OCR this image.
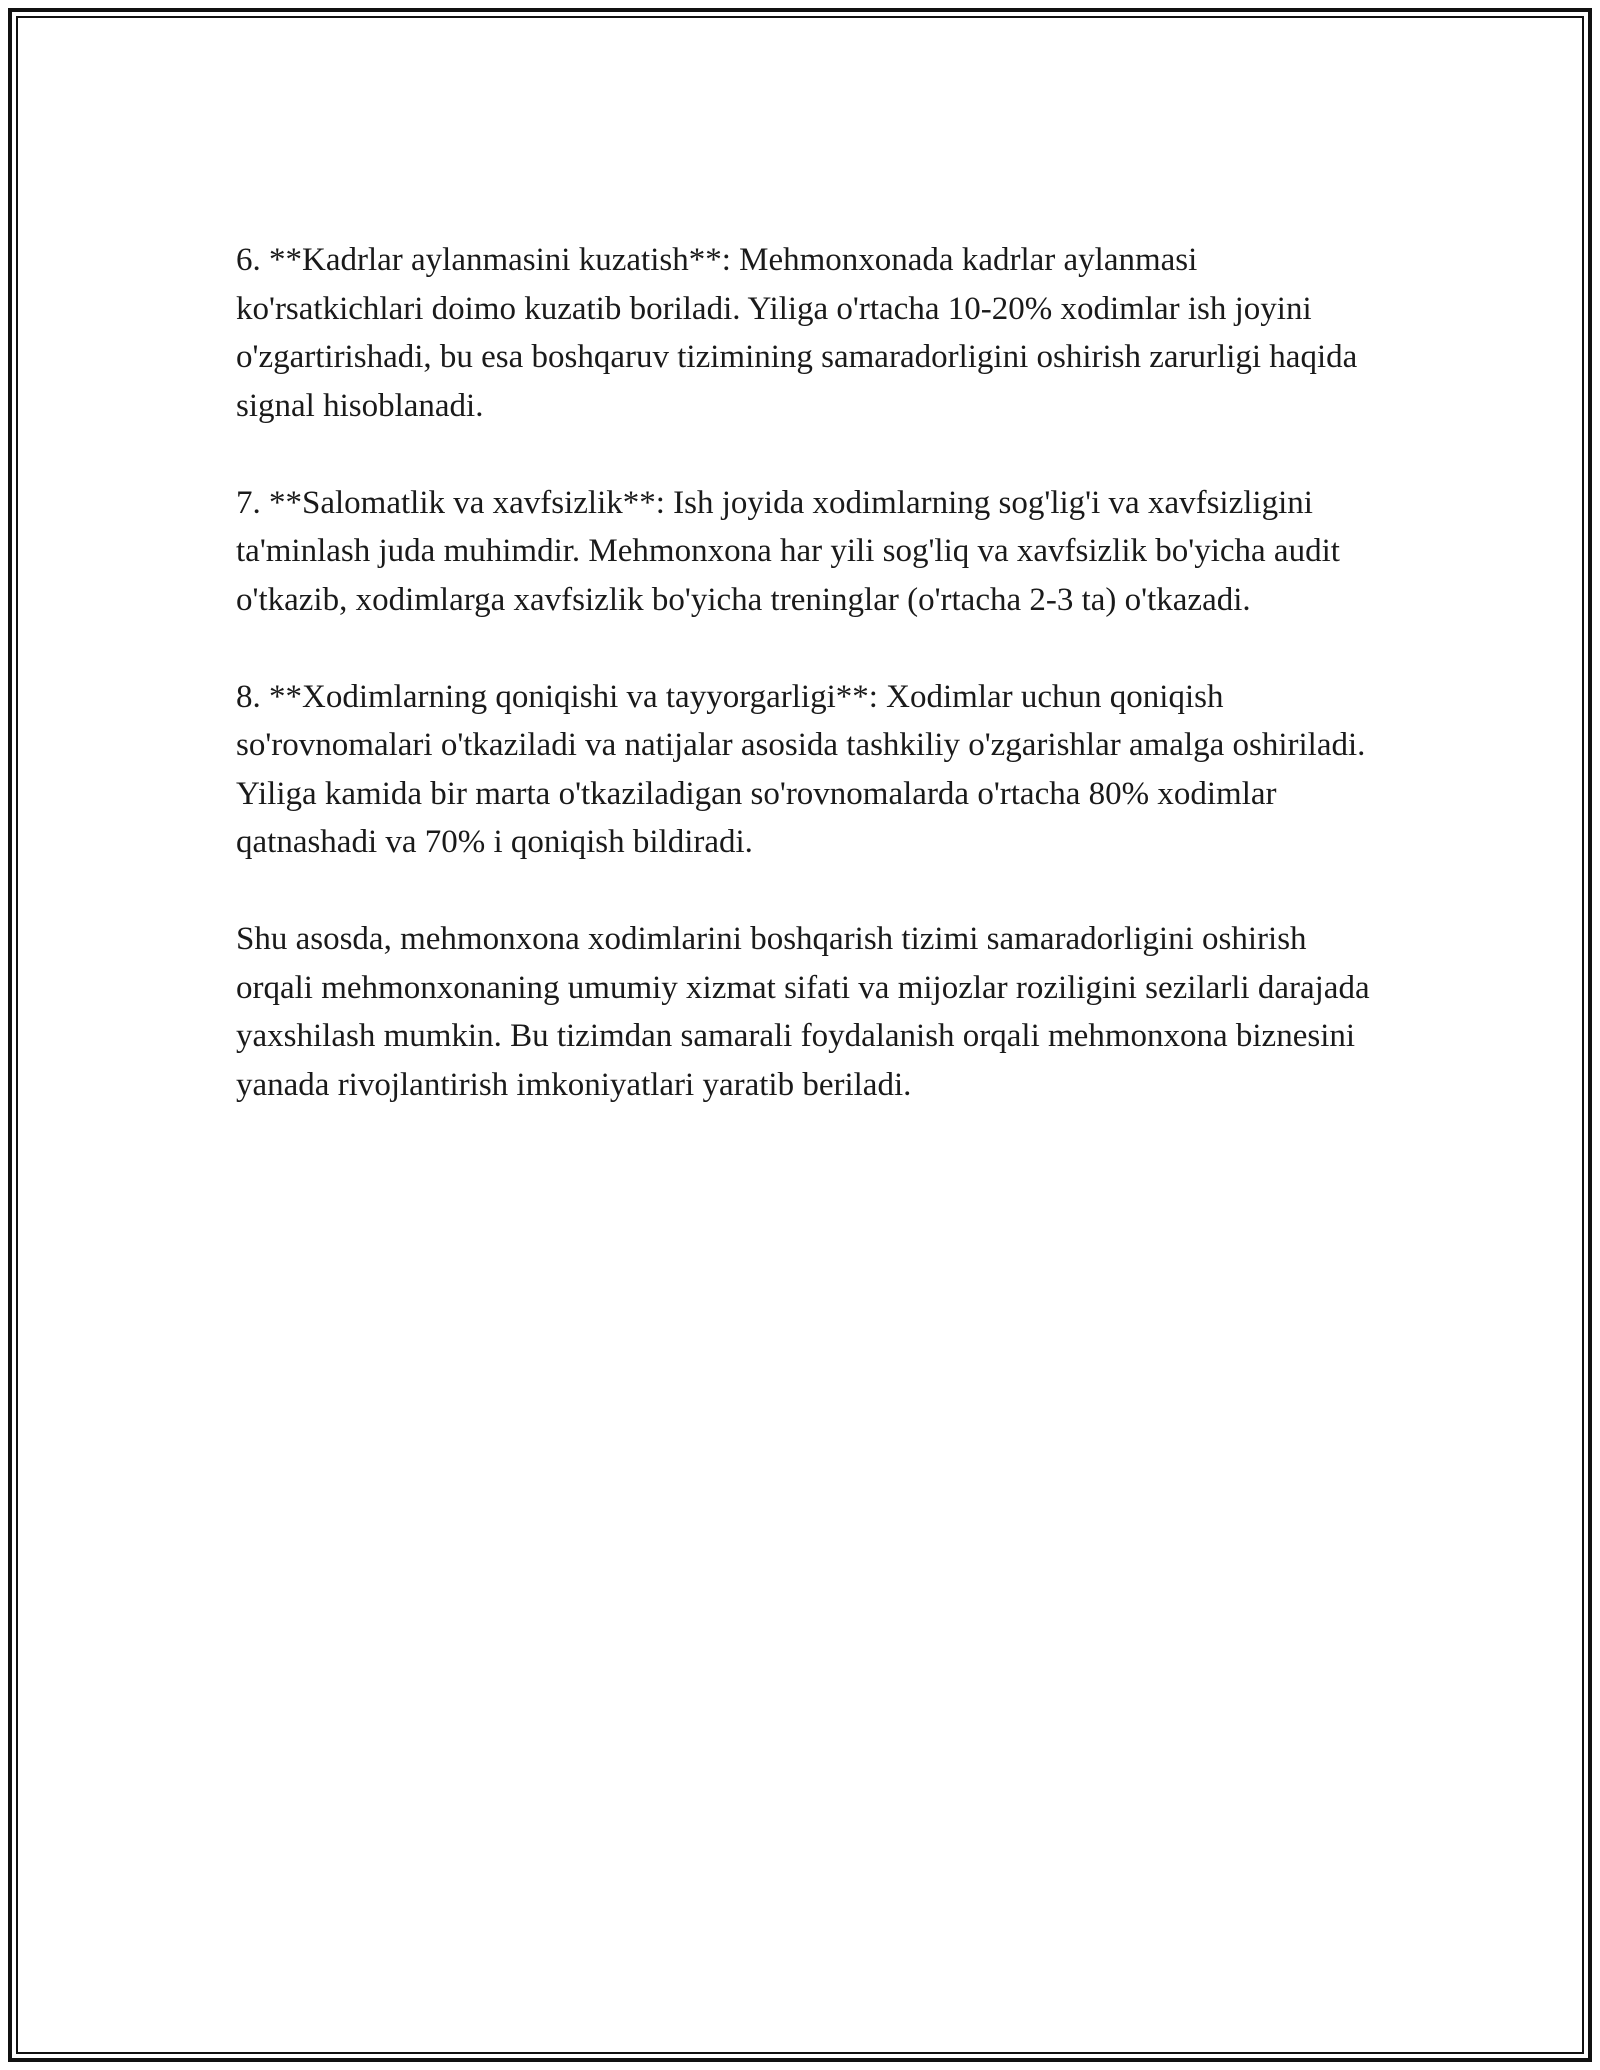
6. **Kadrlar aylanmasini kuzatish**: Mehmonxonada kadrlar aylanmasi ko'rsatkichlari doimo kuzatib boriladi. Yiliga o'rtacha 10-20% xodimlar ish joyini o'zgartirishadi, bu esa boshqaruv tizimining samaradorligini oshirish zarurligi haqida signal hisoblanadi.

7. **Salomatlik va xavfsizlik**: Ish joyida xodimlarning sog'lig'i va xavfsizligini ta'minlash juda muhimdir. Mehmonxona har yili sog'liq va xavfsizlik bo'yicha audit o'tkazib, xodimlarga xavfsizlik bo'yicha treninglar (o'rtacha 2-3 ta) o'tkazadi.

8. **Xodimlarning qoniqishi va tayyorgarligi**: Xodimlar uchun qoniqish so'rovnomalari o'tkaziladi va natijalar asosida tashkiliy o'zgarishlar amalga oshiriladi. Yiliga kamida bir marta o'tkaziladigan so'rovnomalarda o'rtacha 80% xodimlar qatnashadi va 70% i qoniqish bildiradi.

Shu asosda, mehmonxona xodimlarini boshqarish tizimi samaradorligini oshirish orqali mehmonxonaning umumiy xizmat sifati va mijozlar roziligini sezilarli darajada yaxshilash mumkin. Bu tizimdan samarali foydalanish orqali mehmonxona biznesini yanada rivojlantirish imkoniyatlari yaratib beriladi.
